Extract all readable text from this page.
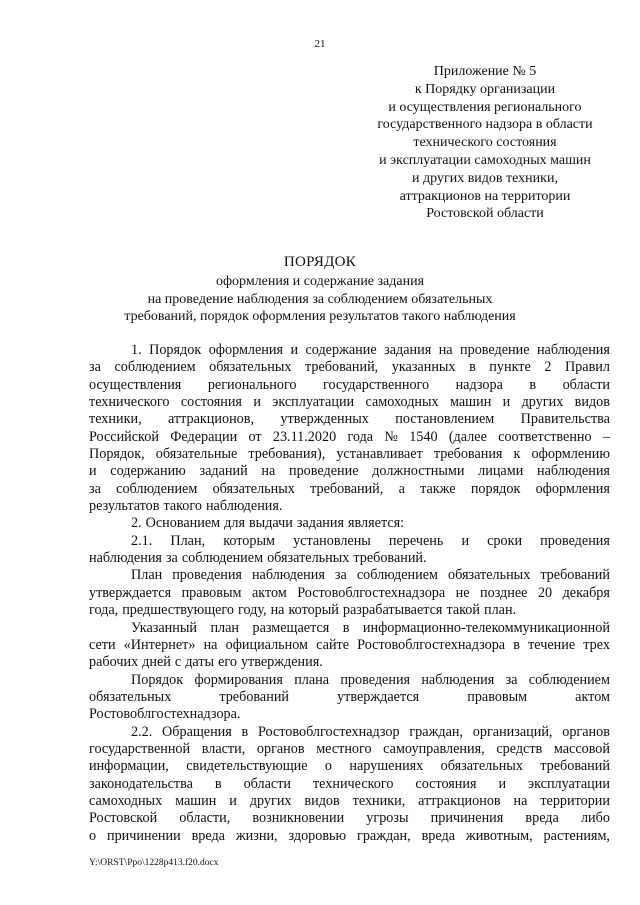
21
Приложение № 5
к Порядку организации
и осуществления регионального
государственного надзора в области
технического состояния
и эксплуатации самоходных машин
и других видов техники,
аттракционов на территории
Ростовской области
ПОРЯДОК
оформления и содержание задания
на проведение наблюдения за соблюдением обязательных
требований, порядок оформления результатов такого наблюдения
1. Порядок оформления и содержание задания на проведение наблюдения
за соблюдением обязательных требований, указанных в пункте 2 Правил
осуществления регионального государственного надзора в области
технического состояния и эксплуатации самоходных машин и других видов
техники, аттракционов, утвержденных постановлением Правительства
Российской Федерации от 23.11.2020 года № 1540 (далее соответственно –
Порядок, обязательные требования), устанавливает требования к оформлению
и содержанию заданий на проведение должностными лицами наблюдения
за соблюдением обязательных требований, а также порядок оформления
результатов такого наблюдения.
2. Основанием для выдачи задания является:
2.1. План, которым установлены перечень и сроки проведения
наблюдения за соблюдением обязательных требований.
План проведения наблюдения за соблюдением обязательных требований
утверждается правовым актом Ростовоблгостехнадзора не позднее 20 декабря
года, предшествующего году, на который разрабатывается такой план.
Указанный план размещается в информационно-телекоммуникационной
сети «Интернет» на официальном сайте Ростовоблгостехнадзора в течение трех
рабочих дней с даты его утверждения.
Порядок формирования плана проведения наблюдения за соблюдением
обязательных	требований	утверждается	правовым	актом
Ростовоблгостехнадзора.
2.2. Обращения в Ростовоблгостехнадзор граждан, организаций, органов
государственной власти, органов местного самоуправления, средств массовой
информации, свидетельствующие о нарушениях обязательных требований
законодательства в области технического состояния и эксплуатации
самоходных машин и других видов техники, аттракционов на территории
Ростовской области, возникновении угрозы причинения вреда либо
о причинении вреда жизни, здоровью граждан, вреда животным, растениям,
Y:\ORST\Ppo\1228p413.f20.docx
